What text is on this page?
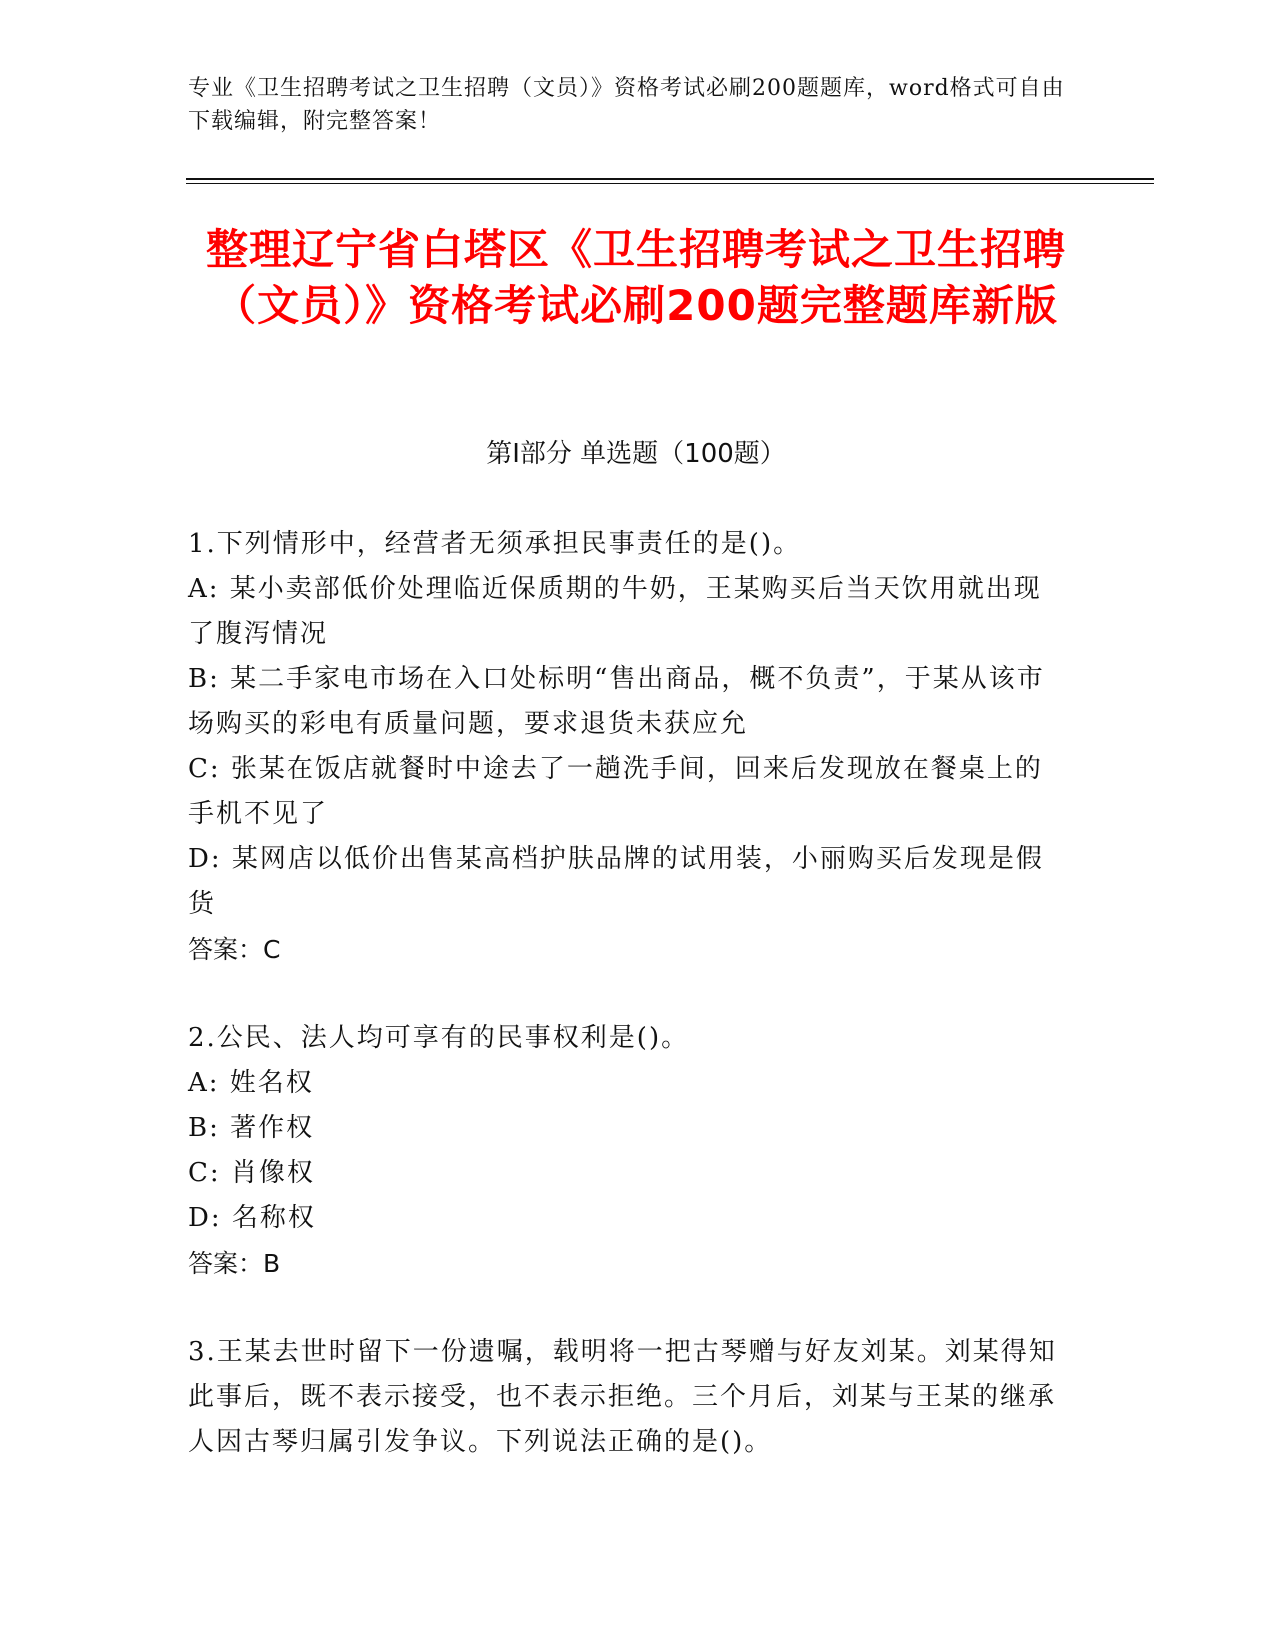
专业《卫生招聘考试之卫生招聘（文员）》资格考试必刷200题题库，word格式可自由下载编辑，附完整答案！
整理辽宁省白塔区《卫生招聘考试之卫生招聘（文员）》资格考试必刷200题完整题库新版
第Ⅰ部分 单选题（100题）

1.下列情形中，经营者无须承担民事责任的是()。

A: 某小卖部低价处理临近保质期的牛奶，王某购买后当天饮用就出现了腹泻情况

B: 某二手家电市场在入口处标明“售出商品，概不负责”，于某从该市场购买的彩电有质量问题，要求退货未获应允

C: 张某在饭店就餐时中途去了一趟洗手间，回来后发现放在餐桌上的手机不见了

D: 某网店以低价出售某高档护肤品牌的试用装，小丽购买后发现是假货

答案：C

2.公民、法人均可享有的民事权利是()。

A: 姓名权

B: 著作权

C: 肖像权

D: 名称权

答案：B

3.王某去世时留下一份遗嘱，载明将一把古琴赠与好友刘某。刘某得知此事后，既不表示接受，也不表示拒绝。三个月后，刘某与王某的继承人因古琴归属引发争议。下列说法正确的是()。
